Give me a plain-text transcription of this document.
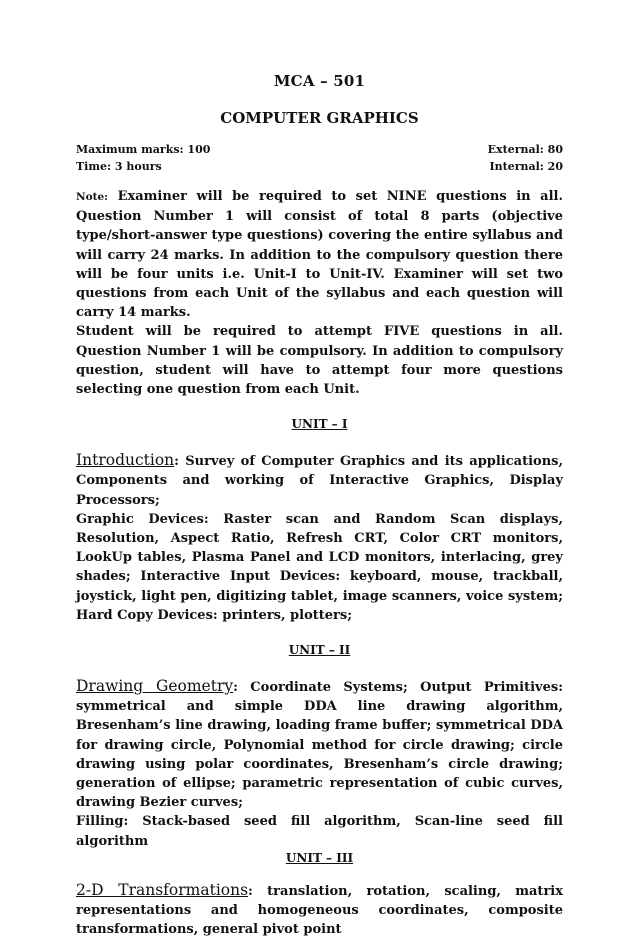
MCA – 501
COMPUTER GRAPHICS
Maximum marks: 100	External: 80
Time: 3 hours	Internal: 20
Note: Examiner will be required to set NINE questions in all. Question Number 1 will consist of total 8 parts (objective type/short-answer type questions) covering the entire syllabus and will carry 24 marks. In addition to the compulsory question there will be four units i.e. Unit-I to Unit-IV. Examiner will set two questions from each Unit of the syllabus and each question will carry 14 marks.

Student will be required to attempt FIVE questions in all. Question Number 1 will be compulsory. In addition to compulsory question, student will have to attempt four more questions selecting one question from each Unit.

UNIT – I

Introduction: Survey of Computer Graphics and its applications, Components and working of Interactive Graphics, Display Processors;

Graphic Devices: Raster scan and Random Scan displays, Resolution, Aspect Ratio, Refresh CRT, Color CRT monitors, LookUp tables, Plasma Panel and LCD monitors, interlacing, grey shades; Interactive Input Devices: keyboard, mouse, trackball, joystick, light pen, digitizing tablet, image scanners, voice system; Hard Copy Devices: printers, plotters;

UNIT – II

Drawing Geometry: Coordinate Systems; Output Primitives: symmetrical and simple DDA line drawing algorithm, Bresenham’s line drawing, loading frame buffer; symmetrical DDA for drawing circle, Polynomial method for circle drawing; circle drawing using polar coordinates, Bresenham’s circle drawing; generation of ellipse; parametric representation of cubic curves, drawing Bezier curves;

Filling: Stack-based seed fill algorithm, Scan-line seed fill algorithm

UNIT – III

2-D Transformations: translation, rotation, scaling, matrix representations and homogeneous coordinates, composite transformations, general pivot point
